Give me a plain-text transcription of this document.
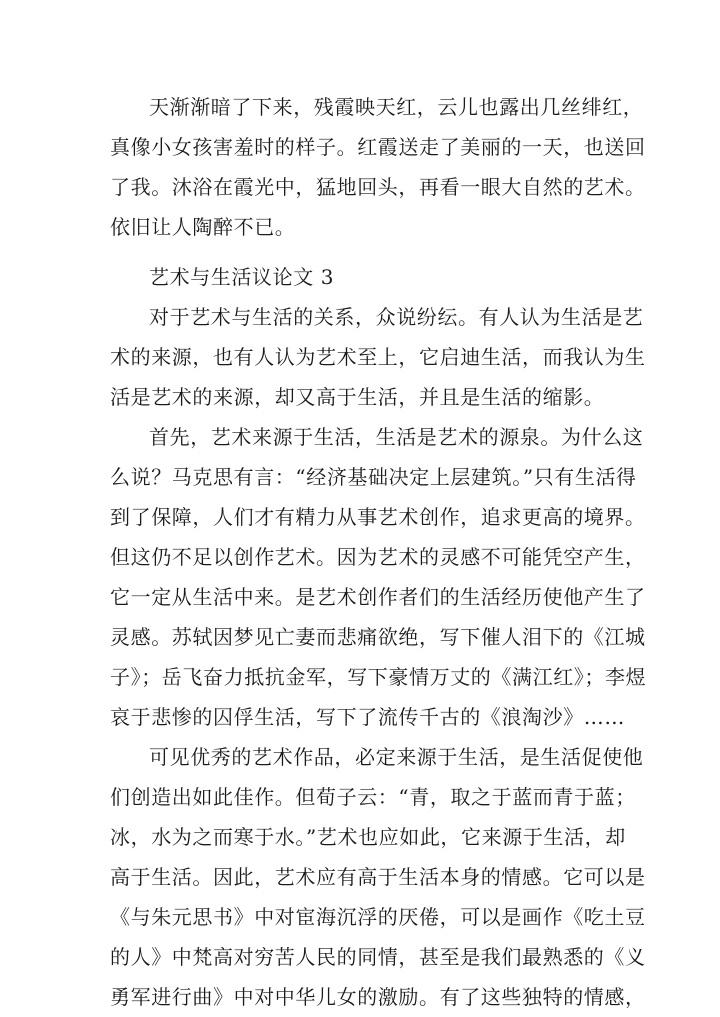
天渐渐暗了下来，残霞映天红，云儿也露出几丝绯红，
真像小女孩害羞时的样子。红霞送走了美丽的一天，也送回
了我。沐浴在霞光中，猛地回头，再看一眼大自然的艺术。
依旧让人陶醉不已。
艺术与生活议论文 3
对于艺术与生活的关系，众说纷纭。有人认为生活是艺
术的来源，也有人认为艺术至上，它启迪生活，而我认为生
活是艺术的来源，却又高于生活，并且是生活的缩影。
首先，艺术来源于生活，生活是艺术的源泉。为什么这
么说？马克思有言：“经济基础决定上层建筑。”只有生活得
到了保障，人们才有精力从事艺术创作，追求更高的境界。
但这仍不足以创作艺术。因为艺术的灵感不可能凭空产生，
它一定从生活中来。是艺术创作者们的生活经历使他产生了
灵感。苏轼因梦见亡妻而悲痛欲绝，写下催人泪下的《江城
子》；岳飞奋力抵抗金军，写下豪情万丈的《满江红》；李煜
哀于悲惨的囚俘生活，写下了流传千古的《浪淘沙》……
可见优秀的艺术作品，必定来源于生活，是生活促使他
们创造出如此佳作。但荀子云：“青，取之于蓝而青于蓝；
冰，水为之而寒于水。”艺术也应如此，它来源于生活，却
高于生活。因此，艺术应有高于生活本身的情感。它可以是
《与朱元思书》中对宦海沉浮的厌倦，可以是画作《吃土豆
的人》中梵高对穷苦人民的同情，甚至是我们最熟悉的《义
勇军进行曲》中对中华儿女的激励。有了这些独特的情感，
